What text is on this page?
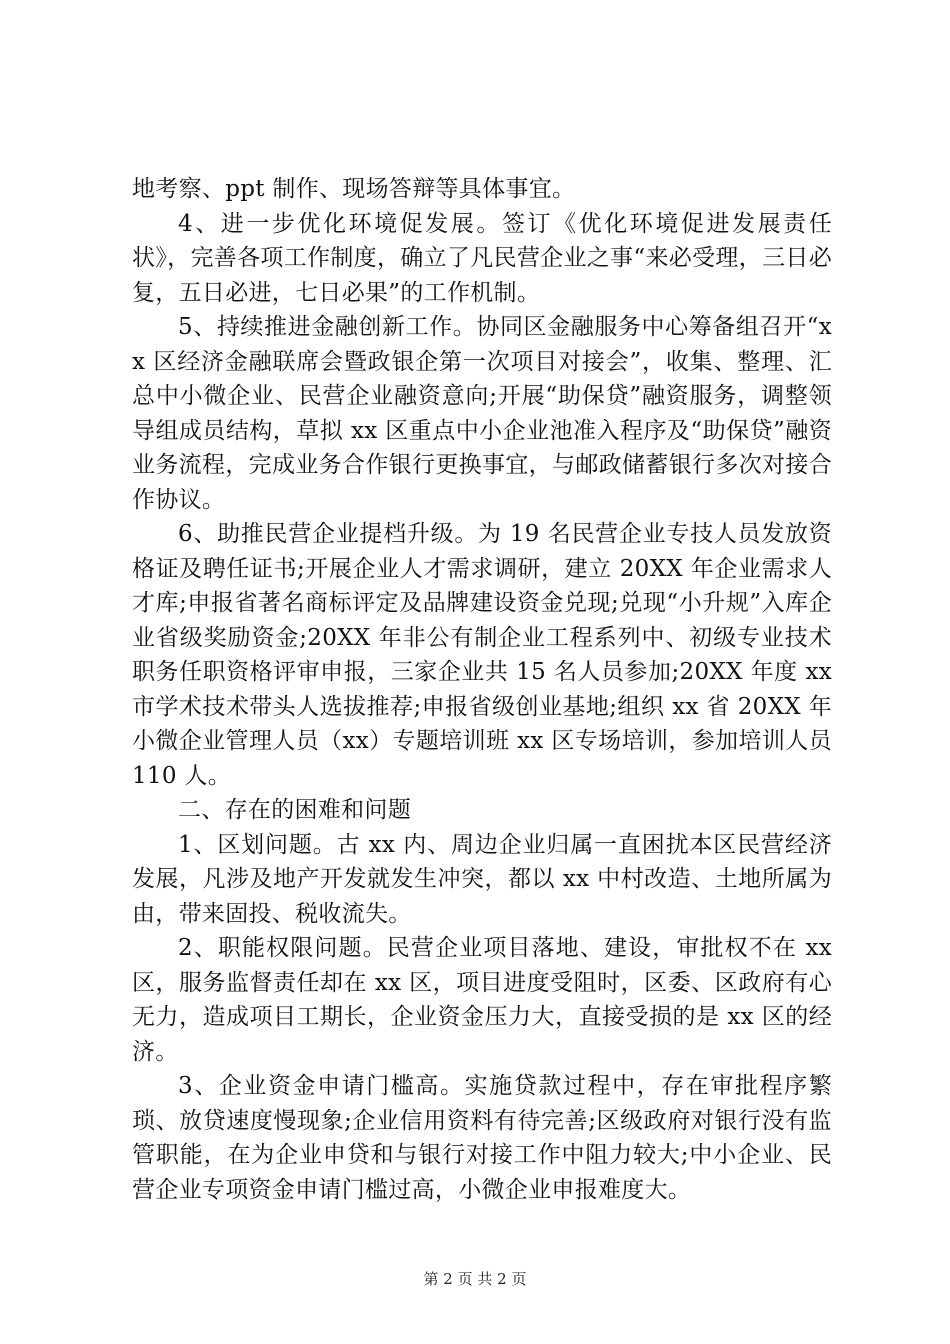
地考察、ppt 制作、现场答辩等具体事宜。

4、进一步优化环境促发展。签订《优化环境促进发展责任状》，完善各项工作制度，确立了凡民营企业之事“来必受理，三日必复，五日必进，七日必果”的工作机制。

5、持续推进金融创新工作。协同区金融服务中心筹备组召开“xx 区经济金融联席会暨政银企第一次项目对接会”，收集、整理、汇总中小微企业、民营企业融资意向;开展“助保贷”融资服务，调整领导组成员结构，草拟 xx 区重点中小企业池准入程序及“助保贷”融资业务流程，完成业务合作银行更换事宜，与邮政储蓄银行多次对接合作协议。

6、助推民营企业提档升级。为 19 名民营企业专技人员发放资格证及聘任证书;开展企业人才需求调研，建立 20XX 年企业需求人才库;申报省著名商标评定及品牌建设资金兑现;兑现“小升规”入库企业省级奖励资金;20XX 年非公有制企业工程系列中、初级专业技术职务任职资格评审申报，三家企业共 15 名人员参加;20XX 年度 xx 市学术技术带头人选拔推荐;申报省级创业基地;组织 xx 省 20XX 年小微企业管理人员（xx）专题培训班 xx 区专场培训，参加培训人员 110 人。

二、存在的困难和问题

1、区划问题。古 xx 内、周边企业归属一直困扰本区民营经济发展，凡涉及地产开发就发生冲突，都以 xx 中村改造、土地所属为由，带来固投、税收流失。

2、职能权限问题。民营企业项目落地、建设，审批权不在 xx 区，服务监督责任却在 xx 区，项目进度受阻时，区委、区政府有心无力，造成项目工期长，企业资金压力大，直接受损的是 xx 区的经济。

3、企业资金申请门槛高。实施贷款过程中，存在审批程序繁琐、放贷速度慢现象;企业信用资料有待完善;区级政府对银行没有监管职能，在为企业申贷和与银行对接工作中阻力较大;中小企业、民营企业专项资金申请门槛过高，小微企业申报难度大。

第 2 页 共 2 页
